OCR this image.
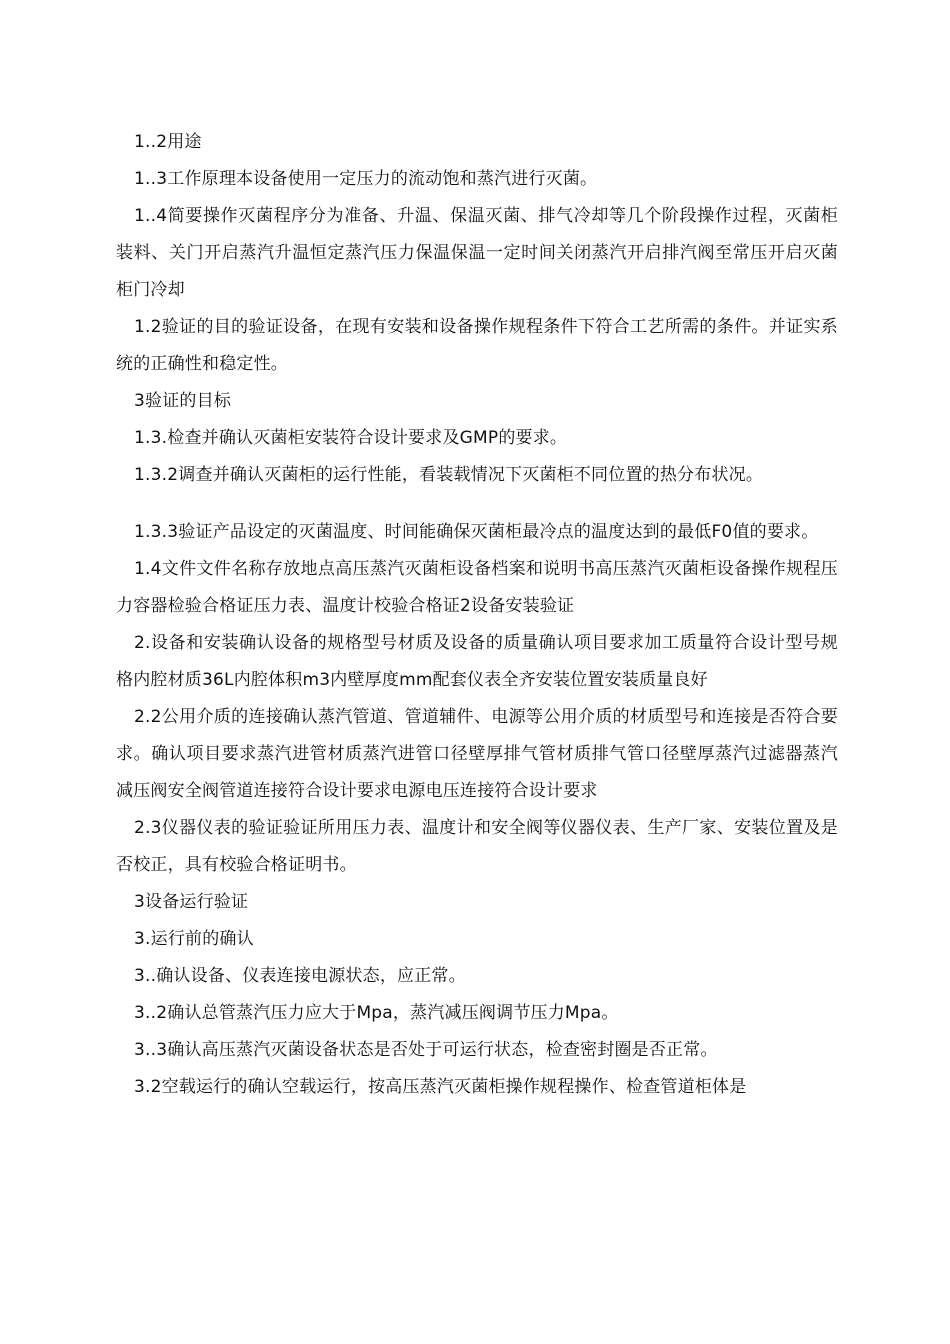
1..2用途

1..3工作原理本设备使用一定压力的流动饱和蒸汽进行灭菌。

1..4简要操作灭菌程序分为准备、升温、保温灭菌、排气冷却等几个阶段操作过程，灭菌柜装料、关门开启蒸汽升温恒定蒸汽压力保温保温一定时间关闭蒸汽开启排汽阀至常压开启灭菌柜门冷却

1.2验证的目的验证设备，在现有安装和设备操作规程条件下符合工艺所需的条件。并证实系统的正确性和稳定性。

3验证的目标

1.3.检查并确认灭菌柜安装符合设计要求及GMP的要求。

1.3.2调查并确认灭菌柜的运行性能，看装载情况下灭菌柜不同位置的热分布状况。

1.3.3验证产品设定的灭菌温度、时间能确保灭菌柜最冷点的温度达到的最低F0值的要求。

1.4文件文件名称存放地点高压蒸汽灭菌柜设备档案和说明书高压蒸汽灭菌柜设备操作规程压力容器检验合格证压力表、温度计校验合格证2设备安装验证

2.设备和安装确认设备的规格型号材质及设备的质量确认项目要求加工质量符合设计型号规格内腔材质36L内腔体积m3内壁厚度mm配套仪表全齐安装位置安装质量良好

2.2公用介质的连接确认蒸汽管道、管道辅件、电源等公用介质的材质型号和连接是否符合要求。确认项目要求蒸汽进管材质蒸汽进管口径壁厚排气管材质排气管口径壁厚蒸汽过滤器蒸汽减压阀安全阀管道连接符合设计要求电源电压连接符合设计要求

2.3仪器仪表的验证验证所用压力表、温度计和安全阀等仪器仪表、生产厂家、安装位置及是否校正，具有校验合格证明书。

3设备运行验证

3.运行前的确认

3..确认设备、仪表连接电源状态，应正常。

3..2确认总管蒸汽压力应大于Mpa，蒸汽减压阀调节压力Mpa。

3..3确认高压蒸汽灭菌设备状态是否处于可运行状态，检查密封圈是否正常。

3.2空载运行的确认空载运行，按高压蒸汽灭菌柜操作规程操作、检查管道柜体是
